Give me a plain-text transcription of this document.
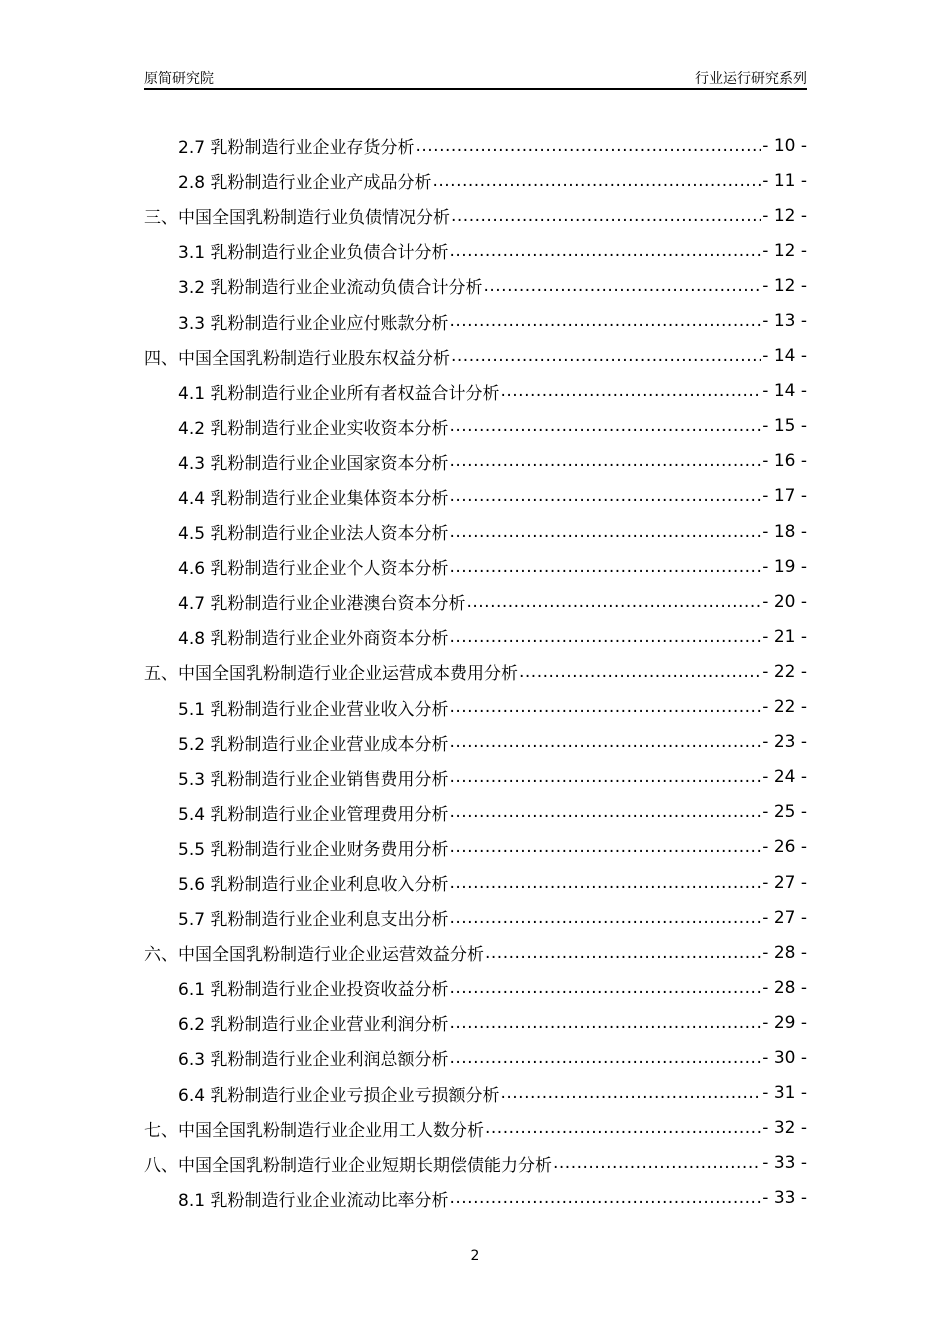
原简研究院	行业运行研究系列
2.7 乳粉制造行业企业存货分析 .....	- 10 -
2.8 乳粉制造行业企业产成品分析 .....	- 11 -
三、中国全国乳粉制造行业负债情况分析 .....	- 12 -
3.1 乳粉制造行业企业负债合计分析 .....	- 12 -
3.2 乳粉制造行业企业流动负债合计分析 .....	- 12 -
3.3 乳粉制造行业企业应付账款分析 .....	- 13 -
四、中国全国乳粉制造行业股东权益分析 .....	- 14 -
4.1 乳粉制造行业企业所有者权益合计分析 .....	- 14 -
4.2 乳粉制造行业企业实收资本分析 .....	- 15 -
4.3 乳粉制造行业企业国家资本分析 .....	- 16 -
4.4 乳粉制造行业企业集体资本分析 .....	- 17 -
4.5 乳粉制造行业企业法人资本分析 .....	- 18 -
4.6 乳粉制造行业企业个人资本分析 .....	- 19 -
4.7 乳粉制造行业企业港澳台资本分析 .....	- 20 -
4.8 乳粉制造行业企业外商资本分析 .....	- 21 -
五、中国全国乳粉制造行业企业运营成本费用分析 .....	- 22 -
5.1 乳粉制造行业企业营业收入分析 .....	- 22 -
5.2 乳粉制造行业企业营业成本分析 .....	- 23 -
5.3 乳粉制造行业企业销售费用分析 .....	- 24 -
5.4 乳粉制造行业企业管理费用分析 .....	- 25 -
5.5 乳粉制造行业企业财务费用分析 .....	- 26 -
5.6 乳粉制造行业企业利息收入分析 .....	- 27 -
5.7 乳粉制造行业企业利息支出分析 .....	- 27 -
六、中国全国乳粉制造行业企业运营效益分析 .....	- 28 -
6.1 乳粉制造行业企业投资收益分析 .....	- 28 -
6.2 乳粉制造行业企业营业利润分析 .....	- 29 -
6.3 乳粉制造行业企业利润总额分析 .....	- 30 -
6.4 乳粉制造行业企业亏损企业亏损额分析 .....	- 31 -
七、中国全国乳粉制造行业企业用工人数分析 .....	- 32 -
八、中国全国乳粉制造行业企业短期长期偿债能力分析 .....	- 33 -
8.1 乳粉制造行业企业流动比率分析 .....	- 33 -
2
